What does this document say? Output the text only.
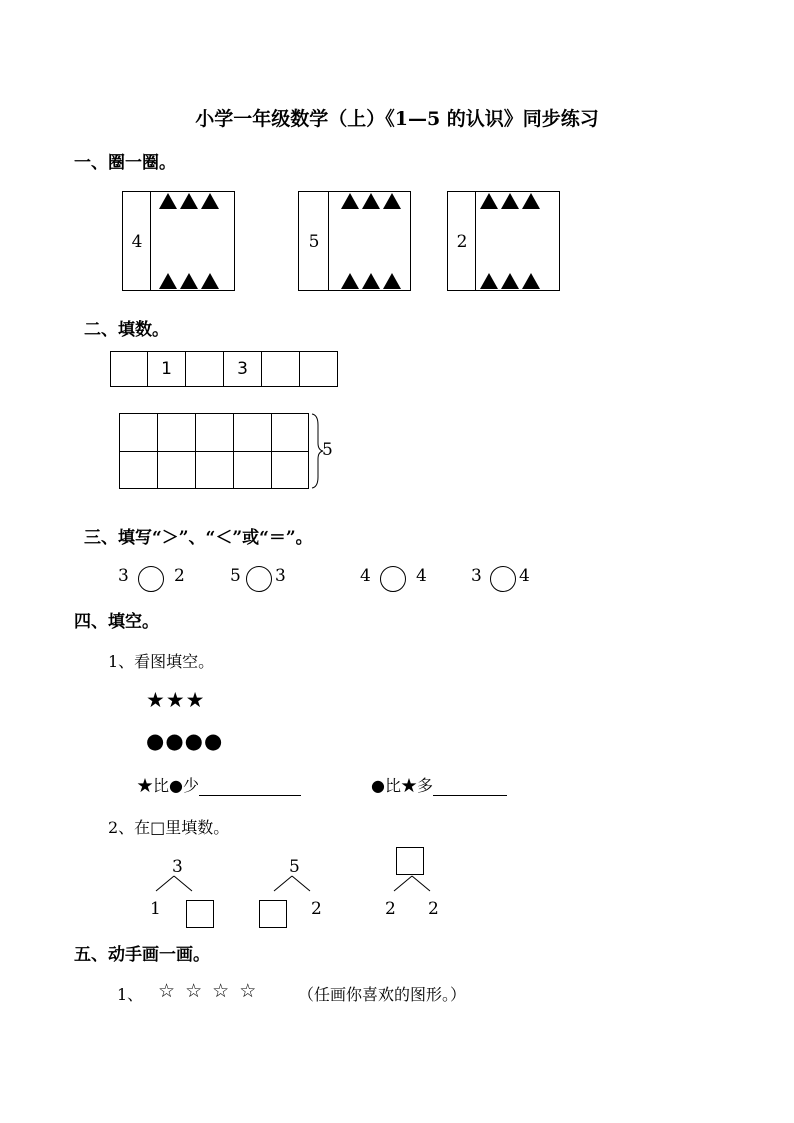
小学一年级数学（上）《1—5 的认识》同步练习
一、圈一圈。
4	5	2
二、填数。
1	3
5
三、填写“＞”、“＜”或“＝”。
3	2	5 3	4	4	3 4
四、填空。
1、看图填空。
★★★
●●●●
★比●少	●比★多
2、在□里填数。
3
1
5
2	2 2
五、动手画一画。
1、 ☆ ☆ ☆ ☆	（任画你喜欢的图形。）
